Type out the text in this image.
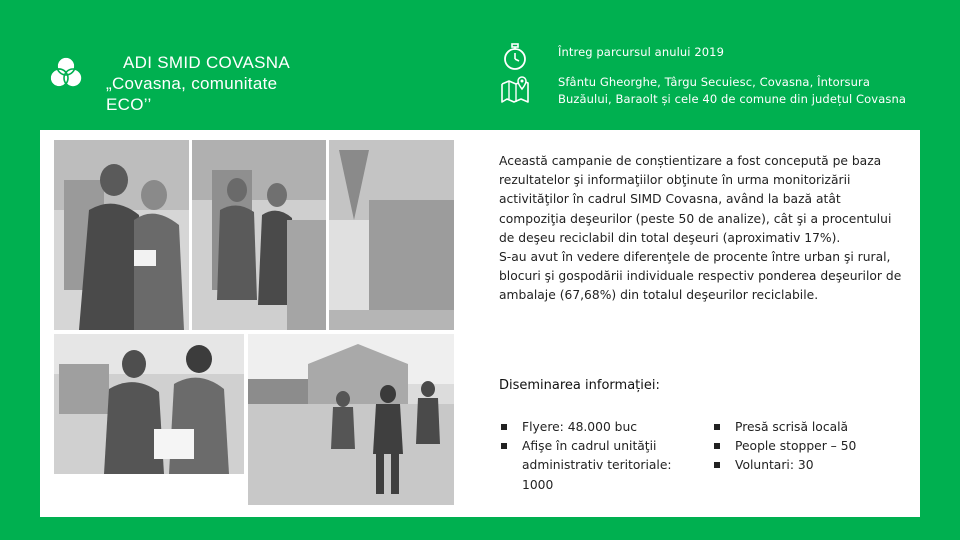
ADI SMID COVASNA
„Covasna, comunitate
ECO’’
Întreg parcursul anului 2019
Sfântu Gheorghe, Târgu Secuiesc, Covasna, Întorsura
Buzăului, Baraolt și cele 40 de comune din județul Covasna

Această campanie de conștientizare a fost concepută pe baza rezultatelor şi informaţiilor obţinute în urma monitorizării activităţilor în cadrul SIMD Covasna, având la bază atât compoziţia deşeurilor (peste 50 de analize), cât şi a procentului de deşeu reciclabil din total deşeuri (aproximativ 17%).

S-au avut în vedere diferenţele de procente între urban şi rural, blocuri şi gospodării individuale respectiv ponderea deşeurilor de ambalaje (67,68%) din totalul deşeurilor reciclabile.

Diseminarea informației:
Flyere: 48.000 buc
Afişe în cadrul unităţii administrativ teritoriale: 1000
Presă scrisă locală
People stopper – 50
Voluntari: 30
